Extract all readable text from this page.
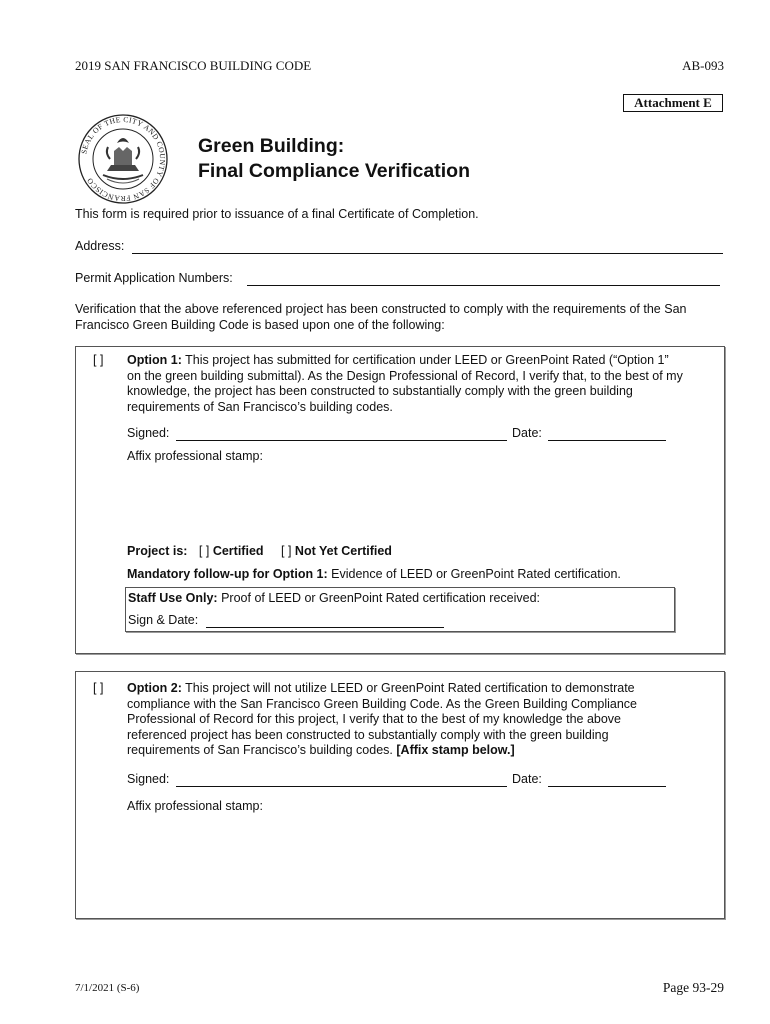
2019 SAN FRANCISCO BUILDING CODE	AB-093
Attachment E
SEAL OF THE CITY AND COUNTY OF SAN FRANCISCO
Green Building:
Final Compliance Verification
This form is required prior to issuance of a final Certificate of Completion.
Address:
Permit Application Numbers:
Verification that the above referenced project has been constructed to comply with the requirements of the San
Francisco Green Building Code is based upon one of the following:
[ ] Option 1: This project has submitted for certification under LEED or GreenPoint Rated (“Option 1”
on the green building submittal). As the Design Professional of Record, I verify that, to the best of my
knowledge, the project has been constructed to substantially comply with the green building
requirements of San Francisco’s building codes.
Signed:	Date:
Affix professional stamp:
Project is: [ ] Certified [ ] Not Yet Certified
Mandatory follow-up for Option 1: Evidence of LEED or GreenPoint Rated certification.
Staff Use Only: Proof of LEED or GreenPoint Rated certification received:
Sign & Date:
[ ] Option 2: This project will not utilize LEED or GreenPoint Rated certification to demonstrate
compliance with the San Francisco Green Building Code. As the Green Building Compliance
Professional of Record for this project, I verify that to the best of my knowledge the above
referenced project has been constructed to substantially comply with the green building
requirements of San Francisco’s building codes. [Affix stamp below.]
Signed:	Date:
Affix professional stamp:
7/1/2021 (S-6)	Page 93-29
